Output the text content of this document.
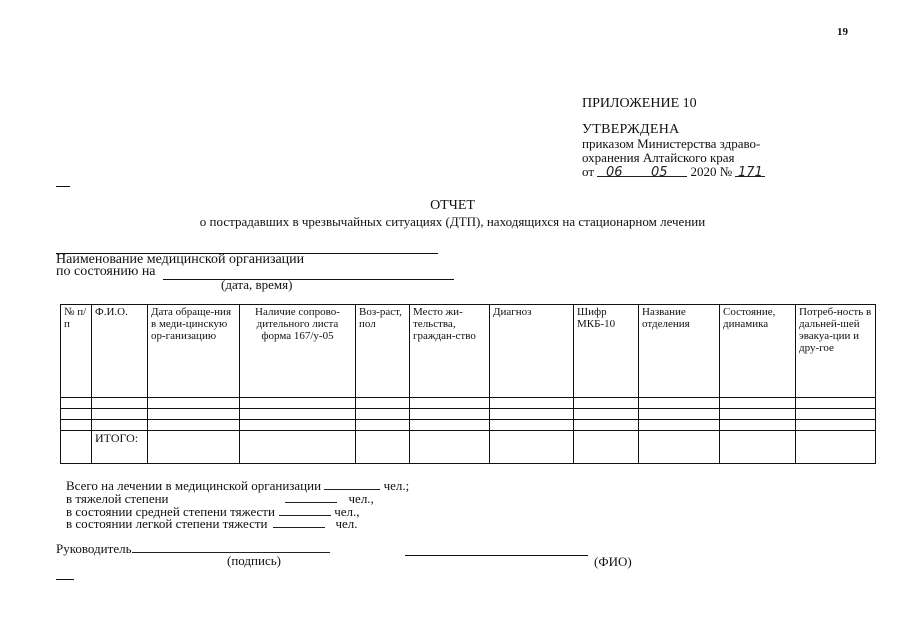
19
ПРИЛОЖЕНИЕ 10
УТВЕРЖДЕНА
приказом Министерства здраво-
охранения Алтайского края
от 06 05 2020 № 171
ОТЧЕТ
о пострадавших в чрезвычайных ситуациях (ДТП), находящихся на стационарном лечении
Наименование медицинской организации
по состоянию на
(дата, время)
№ п/п	Ф.И.О.	Дата обраще-ния в меди-цинскую ор-ганизацию	Наличие сопрово-дительного листа форма 167/у-05	Воз-раст, пол	Место жи-тельства, граждан-ство	Диагноз	Шифр МКБ-10	Название отделения	Состояние, динамика	Потреб-ность в дальней-шей эвакуа-ции и дру-гое

	ИТОГО:									
Всего на лечении в медицинской организации	чел.;
в тяжелой степени	чел.,
в состоянии средней степени тяжести	чел.,
в состоянии легкой степени тяжести	чел.
Руководитель
(подпись)	(ФИО)
